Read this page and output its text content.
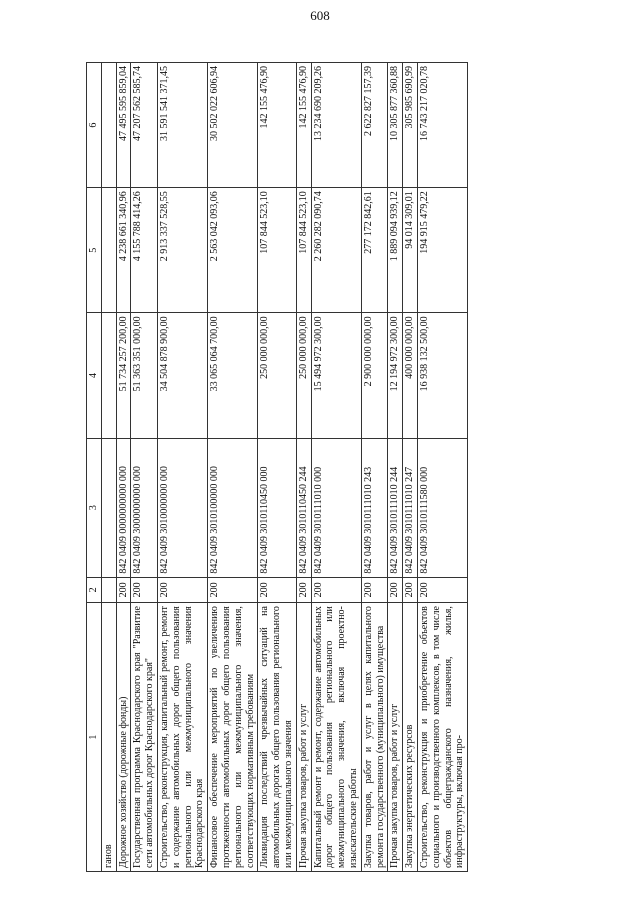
608
1	2	3	4	5	6
ганов					
Дорожное хозяйство (дорожные фонды)	200	842 0409 0000000000 000	51 734 257 200,00	4 238 661 340,96	47 495 595 859,04
Государственная программа Краснодарского края "Развитие сети автомобильных дорог Краснодарского края"	200	842 0409 3000000000 000	51 363 351 000,00	4 155 788 414,26	47 207 562 585,74
Строительство, реконструкция, капитальный ремонт, ремонт и содержание автомобильных дорог общего пользования регионального или межмуниципального значения Краснодарского края	200	842 0409 3010000000 000	34 504 878 900,00	2 913 337 528,55	31 591 541 371,45
Финансовое обеспечение мероприятий по увеличению протяженности автомобильных дорог общего пользования регионального или межмуниципального значения, соответствующих нормативным требованиям	200	842 0409 3010100000 000	33 065 064 700,00	2 563 042 093,06	30 502 022 606,94
Ликвидация последствий чрезвычайных ситуаций на автомобильных дорогах общего пользования регионального или межмуниципального значения	200	842 0409 3010110450 000	250 000 000,00	107 844 523,10	142 155 476,90
Прочая закупка товаров, работ и услуг	200	842 0409 3010110450 244	250 000 000,00	107 844 523,10	142 155 476,90
Капитальный ремонт и ремонт, содержание автомобильных дорог общего пользования регионального или межмуниципального значения, включая проектно-изыскательские работы	200	842 0409 3010111010 000	15 494 972 300,00	2 260 282 090,74	13 234 690 209,26
Закупка товаров, работ и услуг в целях капитального ремонта государственного (муниципального) имущества	200	842 0409 3010111010 243	2 900 000 000,00	277 172 842,61	2 622 827 157,39
Прочая закупка товаров, работ и услуг	200	842 0409 3010111010 244	12 194 972 300,00	1 889 094 939,12	10 305 877 360,88
Закупка энергетических ресурсов	200	842 0409 3010111010 247	400 000 000,00	94 014 309,01	305 985 690,99
Строительство, реконструкция и приобретение объектов социального и производственного комплексов, в том числе объектов общегражданского назначения, жилья, инфраструктуры, включая про-	200	842 0409 3010111580 000	16 938 132 500,00	194 915 479,22	16 743 217 020,78
